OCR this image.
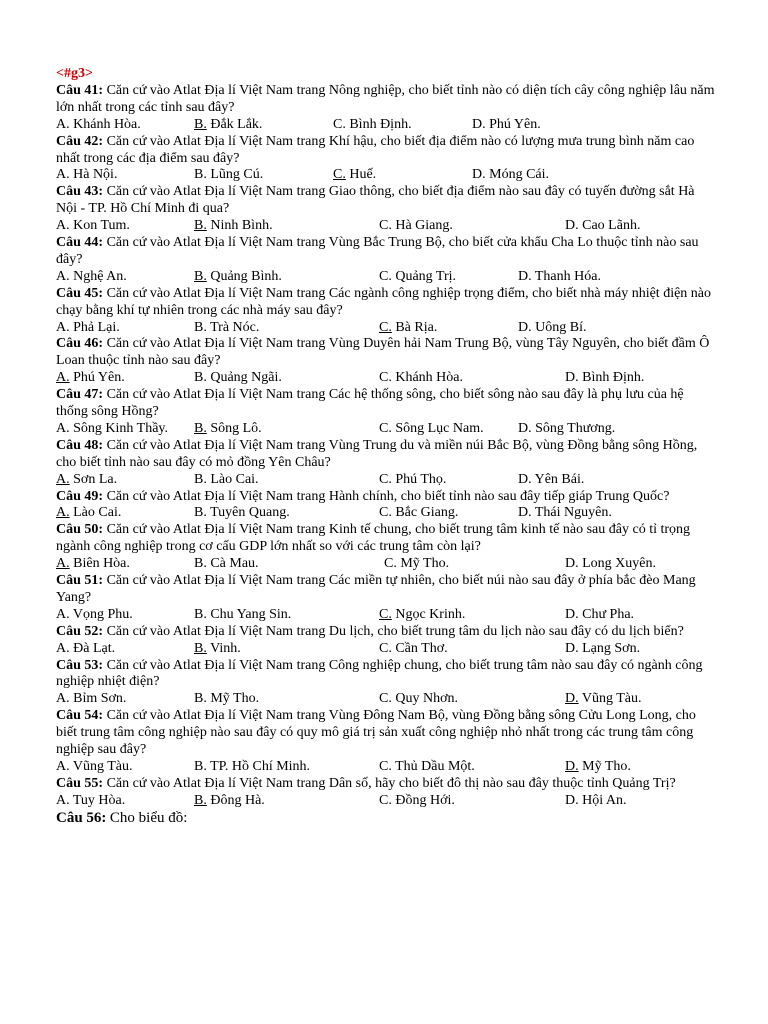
<#g3>
Câu 41: Căn cứ vào Atlat Địa lí Việt Nam trang Nông nghiệp, cho biết tỉnh nào có diện tích cây công nghiệp lâu năm lớn nhất trong các tỉnh sau đây?
A. Khánh Hòa.	B. Đắk Lắk.	C. Bình Định.	D. Phú Yên.
Câu 42: Căn cứ vào Atlat Địa lí Việt Nam trang Khí hậu, cho biết địa điểm nào có lượng mưa trung bình năm cao nhất trong các địa điểm sau đây?
A. Hà Nội.	B. Lũng Cú.	C. Huế.	D. Móng Cái.
Câu 43: Căn cứ vào Atlat Địa lí Việt Nam trang Giao thông, cho biết địa điểm nào sau đây có tuyến đường sắt Hà Nội - TP. Hồ Chí Minh đi qua?
A. Kon Tum.	B. Ninh Bình.	C. Hà Giang.	D. Cao Lãnh.
Câu 44: Căn cứ vào Atlat Địa lí Việt Nam trang Vùng Bắc Trung Bộ, cho biết cửa khẩu Cha Lo thuộc tỉnh nào sau đây?
A. Nghệ An.	B. Quảng Bình.	C. Quảng Trị.	D. Thanh Hóa.
Câu 45: Căn cứ vào Atlat Địa lí Việt Nam trang Các ngành công nghiệp trọng điểm, cho biết nhà máy nhiệt điện nào chạy bằng khí tự nhiên trong các nhà máy sau đây?
A. Phả Lại.	B. Trà Nóc.	C. Bà Rịa.	D. Uông Bí.
Câu 46: Căn cứ vào Atlat Địa lí Việt Nam trang Vùng Duyên hải Nam Trung Bộ, vùng Tây Nguyên, cho biết đầm Ô Loan thuộc tỉnh nào sau đây?
A. Phú Yên.	B. Quảng Ngãi.	C. Khánh Hòa.	D. Bình Định.
Câu 47: Căn cứ vào Atlat Địa lí Việt Nam trang Các hệ thống sông, cho biết sông nào sau đây là phụ lưu của hệ thống sông Hồng?
A. Sông Kinh Thầy. B. Sông Lô.	C. Sông Lục Nam. D. Sông Thương.
Câu 48: Căn cứ vào Atlat Địa lí Việt Nam trang Vùng Trung du và miền núi Bắc Bộ, vùng Đồng bằng sông Hồng, cho biết tỉnh nào sau đây có mỏ đồng Yên Châu?
A. Sơn La.	B. Lào Cai.	C. Phú Thọ.	D. Yên Bái.
Câu 49: Căn cứ vào Atlat Địa lí Việt Nam trang Hành chính, cho biết tỉnh nào sau đây tiếp giáp Trung Quốc?
A. Lào Cai.	B. Tuyên Quang.	C. Bắc Giang.	D. Thái Nguyên.
Câu 50: Căn cứ vào Atlat Địa lí Việt Nam trang Kinh tế chung, cho biết trung tâm kinh tế nào sau đây có tỉ trọng ngành công nghiệp trong cơ cấu GDP lớn nhất so với các trung tâm còn lại?
A. Biên Hòa.	B. Cà Mau.	C. Mỹ Tho.	D. Long Xuyên.
Câu 51: Căn cứ vào Atlat Địa lí Việt Nam trang Các miền tự nhiên, cho biết núi nào sau đây ở phía bắc đèo Mang Yang?
A. Vọng Phu.	B. Chu Yang Sin.	C. Ngọc Krinh.	D. Chư Pha.
Câu 52: Căn cứ vào Atlat Địa lí Việt Nam trang Du lịch, cho biết trung tâm du lịch nào sau đây có du lịch biển?
A. Đà Lạt.	B. Vinh.	C. Cần Thơ.	D. Lạng Sơn.
Câu 53: Căn cứ vào Atlat Địa lí Việt Nam trang Công nghiệp chung, cho biết trung tâm nào sau đây có ngành công nghiệp nhiệt điện?
A. Bỉm Sơn.	B. Mỹ Tho.	C. Quy Nhơn.	D. Vũng Tàu.
Câu 54: Căn cứ vào Atlat Địa lí Việt Nam trang Vùng Đông Nam Bộ, vùng Đồng bằng sông Cửu Long Long, cho biết trung tâm công nghiệp nào sau đây có quy mô giá trị sản xuất công nghiệp nhỏ nhất trong các trung tâm công nghiệp sau đây?
A. Vũng Tàu.	B. TP. Hồ Chí Minh.	C. Thủ Dầu Một.	D. Mỹ Tho.
Câu 55: Căn cứ vào Atlat Địa lí Việt Nam trang Dân số, hãy cho biết đô thị nào sau đây thuộc tỉnh Quảng Trị?
A. Tuy Hòa.	B. Đông Hà.	C. Đồng Hới.	D. Hội An.
Câu 56: Cho biểu đồ:
